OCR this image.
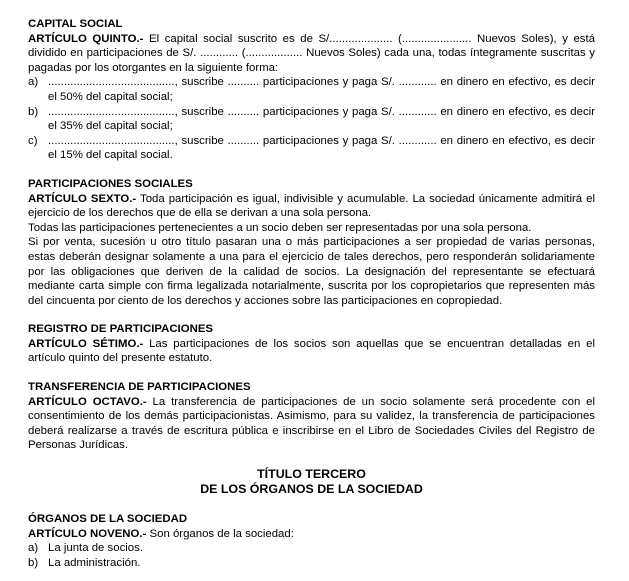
CAPITAL SOCIAL
ARTÍCULO QUINTO.- El capital social suscrito es de S/.................... (...................... Nuevos Soles), y está dividido en participaciones de S/. ............ (.................. Nuevos Soles) cada una, todas íntegramente suscritas y pagadas por los otorgantes en la siguiente forma:
a) ........................................, suscribe .......... participaciones y paga S/. ............ en dinero en efectivo, es decir el 50% del capital social;
b) ........................................, suscribe .......... participaciones y paga S/. ............ en dinero en efectivo, es decir el 35% del capital social;
c) ........................................, suscribe .......... participaciones y paga S/. ............ en dinero en efectivo, es decir el 15% del capital social.
PARTICIPACIONES SOCIALES
ARTÍCULO SEXTO.- Toda participación es igual, indivisible y acumulable. La sociedad únicamente admitirá el ejercicio de los derechos que de ella se derivan a una sola persona.
Todas las participaciones pertenecientes a un socio deben ser representadas por una sola persona.
Si por venta, sucesión u otro título pasaran una o más participaciones a ser propiedad de varias personas, estas deberán designar solamente a una para el ejercicio de tales derechos, pero responderán solidariamente por las obligaciones que deriven de la calidad de socios. La designación del representante se efectuará mediante carta simple con firma legalizada notarialmente, suscrita por los copropietarios que representen más del cincuenta por ciento de los derechos y acciones sobre las participaciones en copropiedad.
REGISTRO DE PARTICIPACIONES
ARTÍCULO SÉTIMO.- Las participaciones de los socios son aquellas que se encuentran detalladas en el artículo quinto del presente estatuto.
TRANSFERENCIA DE PARTICIPACIONES
ARTÍCULO OCTAVO.- La transferencia de participaciones de un socio solamente será procedente con el consentimiento de los demás participacionistas. Asimismo, para su validez, la transferencia de participaciones deberá realizarse a través de escritura pública e inscribirse en el Libro de Sociedades Civiles del Registro de Personas Jurídicas.
TÍTULO TERCERO
DE LOS ÓRGANOS DE LA SOCIEDAD
ÓRGANOS DE LA SOCIEDAD
ARTÍCULO NOVENO.- Son órganos de la sociedad:
a) La junta de socios.
b) La administración.
